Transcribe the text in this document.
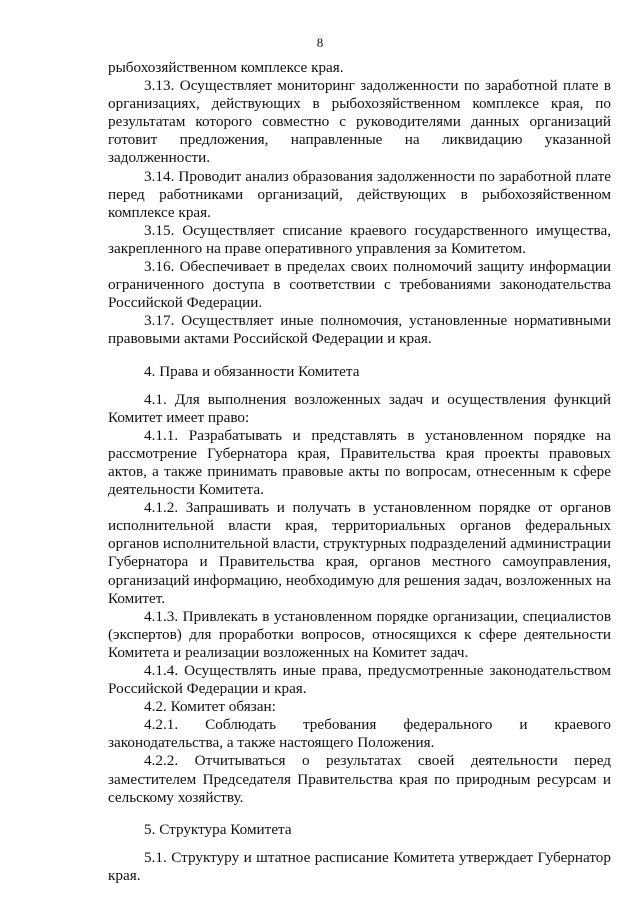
8

рыбохозяйственном комплексе края.

3.13. Осуществляет мониторинг задолженности по заработной плате в организациях, действующих в рыбохозяйственном комплексе края, по результатам которого совместно с руководителями данных организаций готовит предложения, направленные на ликвидацию указанной задолженности.

3.14. Проводит анализ образования задолженности по заработной плате перед работниками организаций, действующих в рыбохозяйственном комплексе края.

3.15. Осуществляет списание краевого государственного имущества, закрепленного на праве оперативного управления за Комитетом.

3.16. Обеспечивает в пределах своих полномочий защиту информации ограниченного доступа в соответствии с требованиями законодательства Российской Федерации.

3.17. Осуществляет иные полномочия, установленные нормативными правовыми актами Российской Федерации и края.

4. Права и обязанности Комитета

4.1. Для выполнения возложенных задач и осуществления функций Комитет имеет право:

4.1.1. Разрабатывать и представлять в установленном порядке на рассмотрение Губернатора края, Правительства края проекты правовых актов, а также принимать правовые акты по вопросам, отнесенным к сфере деятельности Комитета.

4.1.2. Запрашивать и получать в установленном порядке от органов исполнительной власти края, территориальных органов федеральных органов исполнительной власти, структурных подразделений администрации Губернатора и Правительства края, органов местного самоуправления, организаций информацию, необходимую для решения задач, возложенных на Комитет.

4.1.3. Привлекать в установленном порядке организации, специалистов (экспертов) для проработки вопросов, относящихся к сфере деятельности Комитета и реализации возложенных на Комитет задач.

4.1.4. Осуществлять иные права, предусмотренные законодательством Российской Федерации и края.

4.2. Комитет обязан:

4.2.1. Соблюдать требования федерального и краевого законодательства, а также настоящего Положения.

4.2.2. Отчитываться о результатах своей деятельности перед заместителем Председателя Правительства края по природным ресурсам и сельскому хозяйству.

5. Структура Комитета

5.1. Структуру и штатное расписание Комитета утверждает Губернатор края.
